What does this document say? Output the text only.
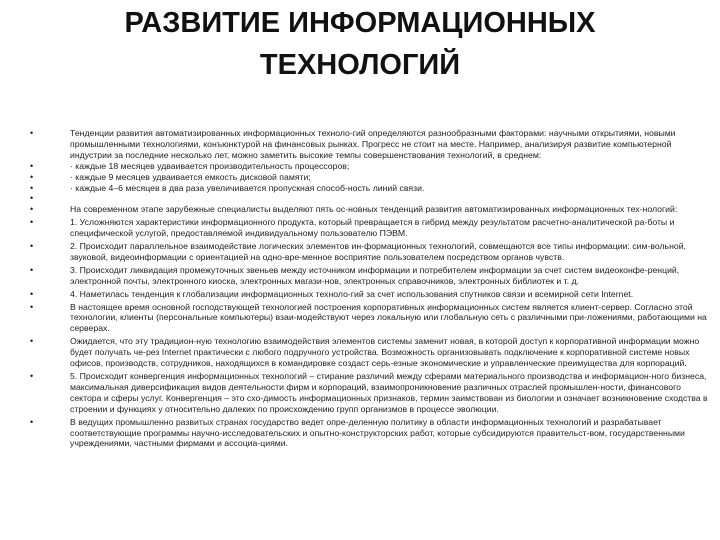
РАЗВИТИЕ ИНФОРМАЦИОННЫХ
ТЕХНОЛОГИЙ
•	Тенденции развития автоматизированных информационных техноло-гий определяются разнообразными факторами: научными открытиями, новыми промышленными технологиями, конъюнктурой на финансовых рынках. Прогресс не стоит на месте. Например, анализируя развитие компьютерной индустрии за последние несколько лет, можно заметить высокие темпы совершенствования технологий, в среднем:
•	· каждые 18 месяцев удваивается производительность процессоров;
•	· каждые 9 месяцев удваивается емкость дисковой памяти;
•	· каждые 4–6 месяцев в два раза увеличивается пропускная способ-ность линий связи.
•
•	На современном этапе зарубежные специалисты выделяют пять ос-новных тенденций развития автоматизированных информационных тех-нологий:
•	1. Усложняются характеристики информационного продукта, который превращается в гибрид между результатом расчетно-аналитической ра-боты и специфической услугой, предоставляемой индивидуальному пользователю ПЭВМ.
•	2. Происходит параллельное взаимодействие логических элементов ин-формационных технологий, совмещаются все типы информации: сим-вольной, звуковой, видеоинформации с ориентацией на одно-вре-менное восприятие пользователем посредством органов чувств.
•	3. Происходит ликвидация промежуточных звеньев между источником информации и потребителем информации за счет систем видеоконфе-ренций, электронной почты, электронного киоска, электронных магази-нов, электронных справочников, электронных библиотек и т. д.
•	4. Наметилась тенденция к глобализации информационных техноло-гий за счет использования спутников связи и всемирной сети Internet.
•	В настоящее время основной господствующей технологией построения корпоративных информационных систем является клиент-сервер. Согласно этой технологии, клиенты (персональные компьютеры) взаи-модействуют через локальную или глобальную сеть с различными при-ложениями, работающими на серверах.
•	Ожидается, что эту традицион-ную технологию взаимодействия элементов системы заменит новая, в которой доступ к корпоративной информации можно будет получать че-рез Internet практически с любого подручного устройства. Возможность организовывать подключение к корпоративной системе новых офисов, производств, сотрудников, находящихся в командировке создаст серь-езные экономические и управленческие преимущества для корпораций.
•	5. Происходит конвергенция информационных технологий – стирание различий между сферами материального производства и информацион-ного бизнеса, максимальная диверсификация видов деятельности фирм и корпораций, взаимопроникновение различных отраслей промышлен-ности, финансового сектора и сферы услуг. Конвергенция – это схо-димость информационных признаков, термин заимствован из биологии и означает возникновение сходства в строении и функциях у относительно далеких по происхождению групп организмов в процессе эволюции.
•	В ведущих промышленно развитых странах государство ведет опре-деленную политику в области информационных технологий и разрабатывает соответствующие программы научно-исследовательских и опытно-конструкторских работ, которые субсидируются правительст-вом, государственными учреждениями, частными фирмами и ассоциа-циями.
